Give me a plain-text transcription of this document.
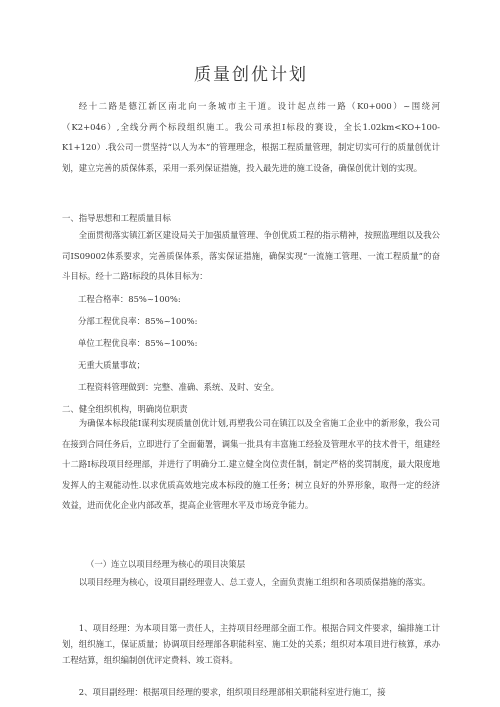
质量创优计划
经十二路是德江新区南北向一条城市主干道。设计起点纬一路（K0+000）~围绕河（K2+046）,全线分两个标段组织施工。我公司承担Ⅰ标段的赛设，全长1.02km<KO+100-K1+120）.我公司一贯坚持“以人为本”的管理理念，根据工程质量管理，制定切实可行的质量创优计划，建立完善的质保体系，采用一系列保证措施，投入最先进的施工设备，确保创优计划的实现。
一、指导思想和工程质量目标
全面贯彻落实镇江新区建设局关于加强质量管理、争创优质工程的指示精神，按照监理组以及我公司IS09002体系要求，完善质保体系，落实保证措施，确保实现“一流施工管理、一流工程质量”的奋斗目标。经十二路Ⅰ标段的具体目标为：
工程合格率：85%~100%:
分部工程优良率：85%~100%:
单位工程优良率：85%~100%:
无重大质量事故；
工程资料管理做到：完整、准确、系统、及时、安全。
二、健全组织机构，明确岗位职责
为确保本标段能Ⅰ谋利实现质量创优计划,再塑我公司在镇江以及全省施工企业中的新形象，我公司在接到合同任务后，立即进行了全面葡署，调集一批具有丰富施工经验及管理水平的技术骨干，组建经十二路Ⅰ标段项目经理部，并进行了明确分工.建立健全岗位责任制，制定严格的奖罚制度，最大限度地发挥人的主观能动性.以求优质高效地完成本标段的施工任务；树立良好的外界形象，取得一定的经济效益，进而优化企业内部改革，提高企业管理水平及市场竞争能力。
（一）连立以项目经理为核心的项目决策层
以项目经理为核心，设项目副经理壹人、总工壹人，全面负责施工组织和各项质保措施的落实。
1、项目经理：为本项目第一责任人，主持项目经理部全面工作。根据合同文件要求，编排施工计划，组织施工，保证质量；协调项目经理部各职能科室、施工处的关系；组织对本项目进行核算，承办工程结算，组织编制创优评定费料、竣工资料。
2、项目副经理：根据项目经理的要求，组织项目经理部相关职能科室进行施工，接
